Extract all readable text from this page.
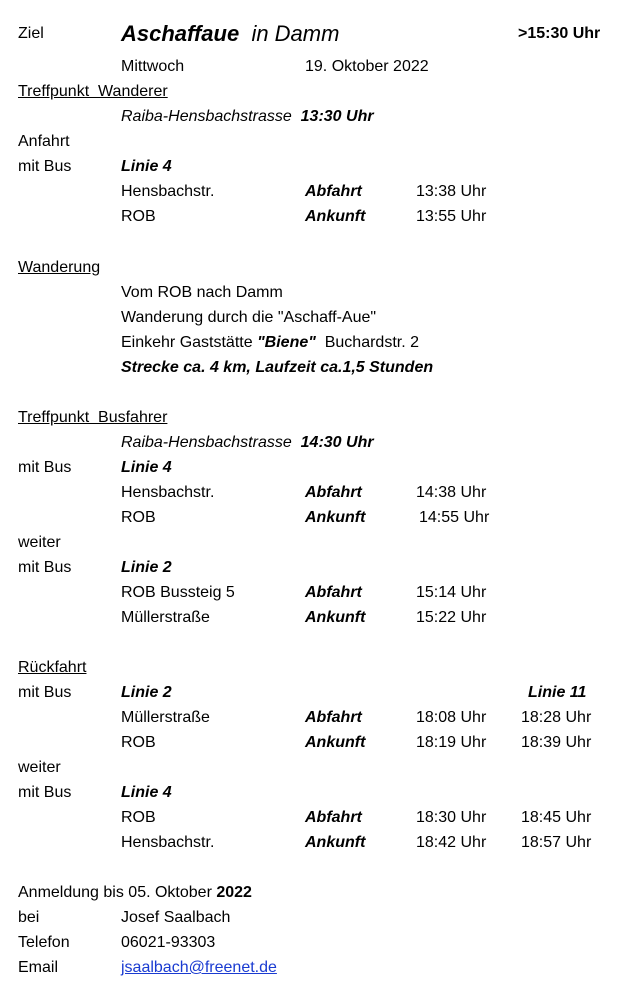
Ziel	Aschaffaue in Damm	>15:30 Uhr
Mittwoch	19. Oktober 2022
Treffpunkt  Wanderer
Raiba-Hensbachstrasse 13:30 Uhr
Anfahrt
mit Bus	Linie 4
Hensbachstr.	Abfahrt	13:38 Uhr
ROB	Ankunft	13:55 Uhr
Wanderung
Vom ROB nach Damm
Wanderung durch die "Aschaff-Aue"
Einkehr Gaststätte "Biene" Buchardstr. 2
Strecke ca. 4 km, Laufzeit ca.1,5 Stunden
Treffpunkt  Busfahrer
Raiba-Hensbachstrasse 14:30 Uhr
mit Bus	Linie 4
Hensbachstr.	Abfahrt	14:38 Uhr
ROB	Ankunft	14:55 Uhr
weiter
mit Bus	Linie 2
ROB Bussteig 5	Abfahrt	15:14 Uhr
Müllerstraße	Ankunft	15:22 Uhr
Rückfahrt
mit Bus	Linie 2	Linie 11
Müllerstraße	Abfahrt	18:08 Uhr 18:28 Uhr
ROB	Ankunft	18:19 Uhr 18:39 Uhr
weiter
mit Bus	Linie 4
ROB	Abfahrt	18:30 Uhr 18:45 Uhr
Hensbachstr.	Ankunft	18:42 Uhr 18:57 Uhr
Anmeldung bis 05. Oktober 2022
bei	Josef Saalbach
Telefon	06021-93303
Email	jsaalbach@freenet.de
